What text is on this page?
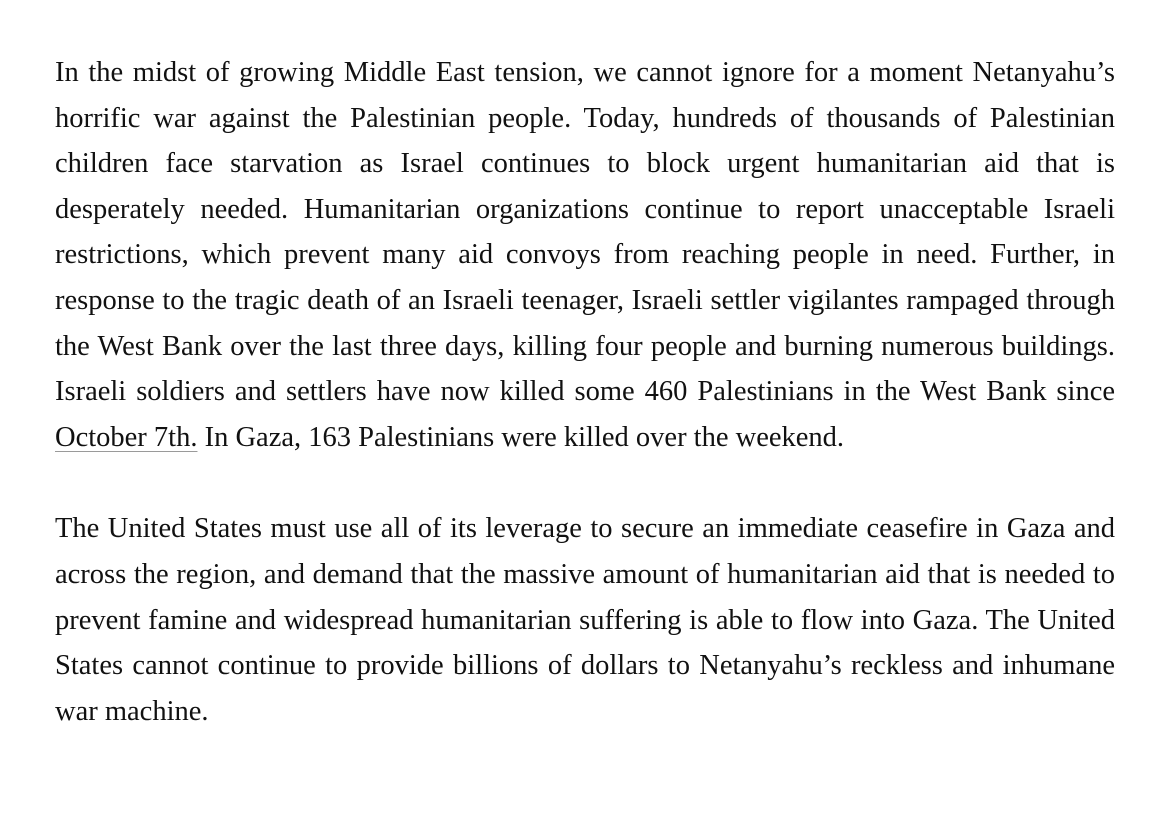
In the midst of growing Middle East tension, we cannot ignore for a moment Netanyahu’s horrific war against the Palestinian people. Today, hundreds of thousands of Palestinian children face starvation as Israel continues to block urgent humanitarian aid that is desperately needed. Humanitarian organizations continue to report unacceptable Israeli restrictions, which prevent many aid convoys from reaching people in need. Further, in response to the tragic death of an Israeli teenager, Israeli settler vigilantes rampaged through the West Bank over the last three days, killing four people and burning numerous buildings. Israeli soldiers and settlers have now killed some 460 Palestinians in the West Bank since October 7th. In Gaza, 163 Palestinians were killed over the weekend.

The United States must use all of its leverage to secure an immediate ceasefire in Gaza and across the region, and demand that the massive amount of humanitarian aid that is needed to prevent famine and widespread humanitarian suffering is able to flow into Gaza. The United States cannot continue to provide billions of dollars to Netanyahu’s reckless and inhumane war machine.
